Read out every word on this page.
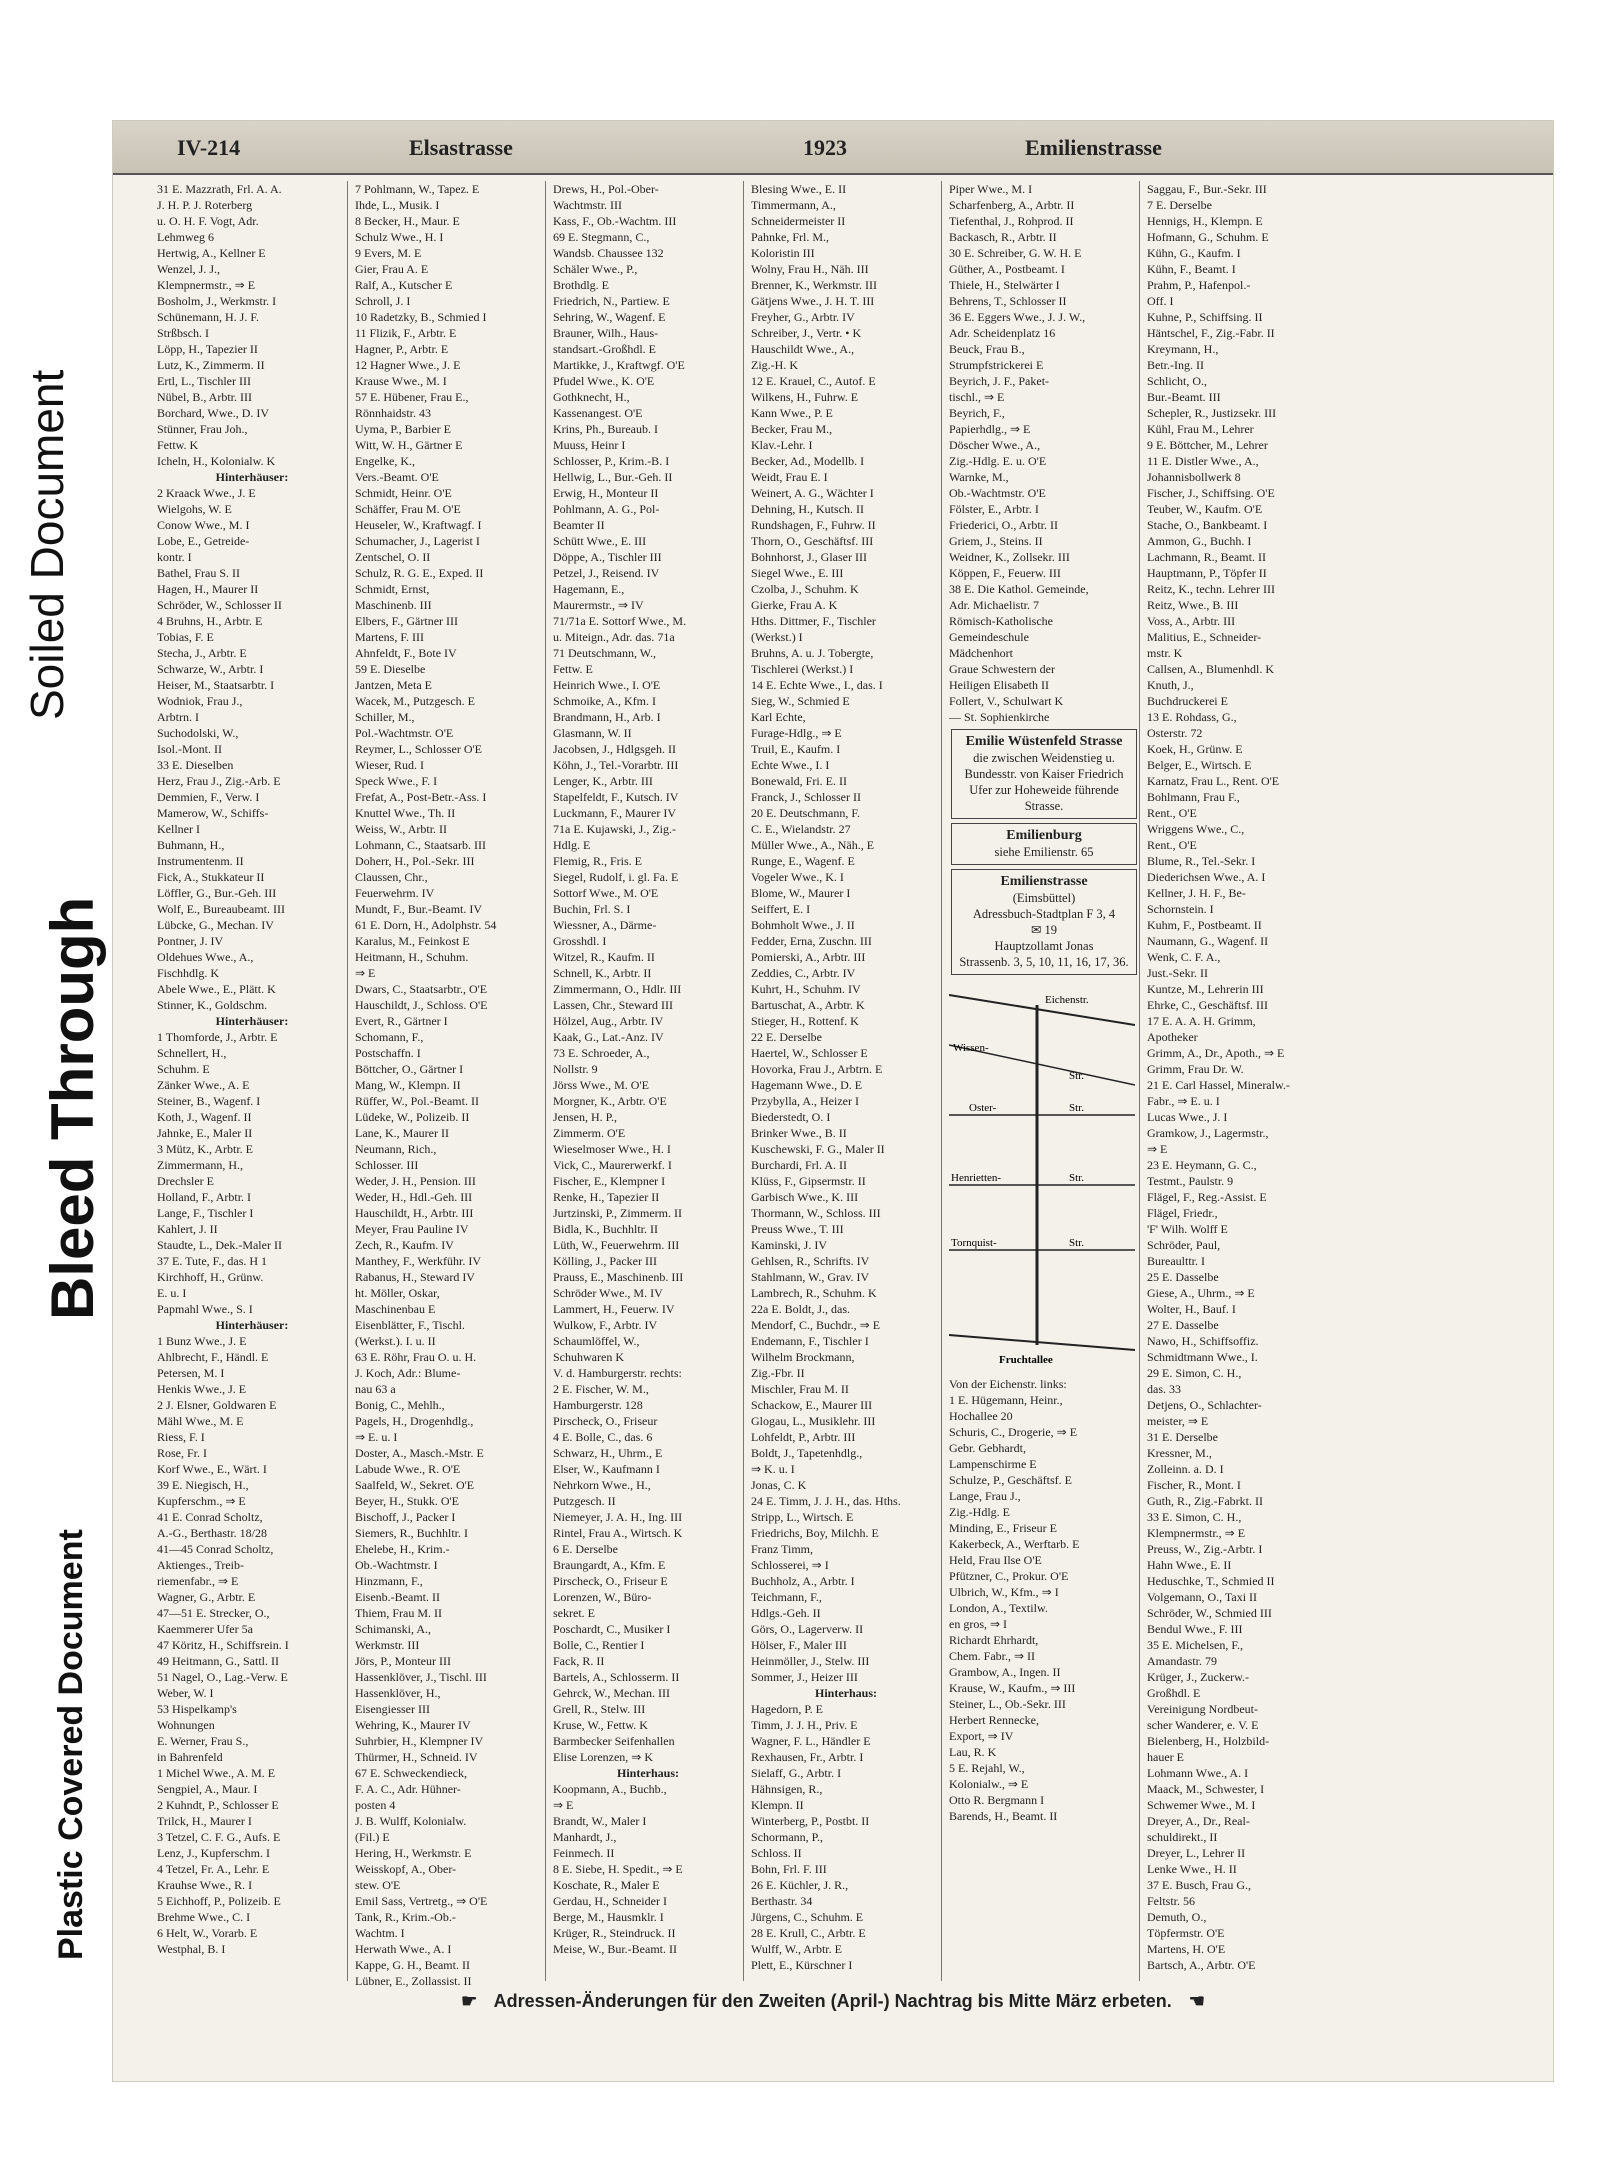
Soiled Document
Bleed Through
Plastic Covered Document
IV-214	Elsastrasse	1923	Emilienstrasse
31 E. Mazzrath, Frl. A. A.
J. H. P. J. Roterberg
u. O. H. F. Vogt, Adr.
Lehmweg 6
Hertwig, A., Kellner E
Wenzel, J. J.,
Klempnermstr., ⇒ E
Bosholm, J., Werkmstr. I
Schünemann, H. J. F.
Strßbsch. I
Löpp, H., Tapezier II
Lutz, K., Zimmerm. II
Ertl, L., Tischler III
Nübel, B., Arbtr. III
Borchard, Wwe., D. IV
Stünner, Frau Joh.,
Fettw. K
Icheln, H., Kolonialw. K
Hinterhäuser:
2 Kraack Wwe., J. E
Wielgohs, W. E
Conow Wwe., M. I
Lobe, E., Getreide-
kontr. I
Bathel, Frau S. II
Hagen, H., Maurer II
Schröder, W., Schlosser II
4 Bruhns, H., Arbtr. E
Tobias, F. E
Stecha, J., Arbtr. E
Schwarze, W., Arbtr. I
Heiser, M., Staatsarbtr. I
Wodniok, Frau J.,
Arbtrn. I
Suchodolski, W.,
Isol.-Mont. II
33 E. Dieselben
Herz, Frau J., Zig.-Arb. E
Demmien, F., Verw. I
Mamerow, W., Schiffs-
Kellner I
Buhmann, H.,
Instrumentenm. II
Fick, A., Stukkateur II
Löffler, G., Bur.-Geh. III
Wolf, E., Bureaubeamt. III
Lübcke, G., Mechan. IV
Pontner, J. IV
Oldehues Wwe., A.,
Fischhdlg. K
Abele Wwe., E., Plätt. K
Stinner, K., Goldschm.
Hinterhäuser:
1 Thomforde, J., Arbtr. E
Schnellert, H.,
Schuhm. E
Zänker Wwe., A. E
Steiner, B., Wagenf. I
Koth, J., Wagenf. II
Jahnke, E., Maler II
3 Mütz, K., Arbtr. E
Zimmermann, H.,
Drechsler E
Holland, F., Arbtr. I
Lange, F., Tischler I
Kahlert, J. II
Staudte, L., Dek.-Maler II
37 E. Tute, F., das. H 1
Kirchhoff, H., Grünw.
E. u. I
Papmahl Wwe., S. I
Hinterhäuser:
1 Bunz Wwe., J. E
Ahlbrecht, F., Händl. E
Petersen, M. I
Henkis Wwe., J. E
2 J. Elsner, Goldwaren E
Mähl Wwe., M. E
Riess, F. I
Rose, Fr. I
Korf Wwe., E., Wärt. I
39 E. Niegisch, H.,
Kupferschm., ⇒ E
41 E. Conrad Scholtz,
A.-G., Berthastr. 18/28
41—45 Conrad Scholtz,
Aktienges., Treib-
riemenfabr., ⇒ E
Wagner, G., Arbtr. E
47—51 E. Strecker, O.,
Kaemmerer Ufer 5a
47 Köritz, H., Schiffsrein. I
49 Heitmann, G., Sattl. II
51 Nagel, O., Lag.-Verw. E
Weber, W. I
53 Hispelkamp's
Wohnungen
E. Werner, Frau S.,
in Bahrenfeld
1 Michel Wwe., A. M. E
Sengpiel, A., Maur. I
2 Kuhndt, P., Schlosser E
Trilck, H., Maurer I
3 Tetzel, C. F. G., Aufs. E
Lenz, J., Kupferschm. I
4 Tetzel, Fr. A., Lehr. E
Krauhse Wwe., R. I
5 Eichhoff, P., Polizeib. E
Brehme Wwe., C. I
6 Helt, W., Vorarb. E
Westphal, B. I
7 Pohlmann, W., Tapez. E
Ihde, L., Musik. I
8 Becker, H., Maur. E
Schulz Wwe., H. I
9 Evers, M. E
Gier, Frau A. E
Ralf, A., Kutscher E
Schroll, J. I
10 Radetzky, B., Schmied I
11 Flizik, F., Arbtr. E
Hagner, P., Arbtr. E
12 Hagner Wwe., J. E
Krause Wwe., M. I
57 E. Hübener, Frau E.,
Rönnhaidstr. 43
Uyma, P., Barbier E
Witt, W. H., Gärtner E
Engelke, K.,
Vers.-Beamt. O'E
Schmidt, Heinr. O'E
Schäffer, Frau M. O'E
Heuseler, W., Kraftwagf. I
Schumacher, J., Lagerist I
Zentschel, O. II
Schulz, R. G. E., Exped. II
Schmidt, Ernst,
Maschinenb. III
Elbers, F., Gärtner III
Martens, F. III
Ahnfeldt, F., Bote IV
59 E. Dieselbe
Jantzen, Meta E
Wacek, M., Putzgesch. E
Schiller, M.,
Pol.-Wachtmstr. O'E
Reymer, L., Schlosser O'E
Wieser, Rud. I
Speck Wwe., F. I
Frefat, A., Post-Betr.-Ass. I
Knuttel Wwe., Th. II
Weiss, W., Arbtr. II
Lohmann, C., Staatsarb. III
Doherr, H., Pol.-Sekr. III
Claussen, Chr.,
Feuerwehrm. IV
Mundt, F., Bur.-Beamt. IV
61 E. Dorn, H., Adolphstr. 54
Karalus, M., Feinkost E
Heitmann, H., Schuhm.
⇒ E
Dwars, C., Staatsarbtr., O'E
Hauschildt, J., Schloss. O'E
Evert, R., Gärtner I
Schomann, F.,
Postschaffn. I
Böttcher, O., Gärtner I
Mang, W., Klempn. II
Rüffer, W., Pol.-Beamt. II
Lüdeke, W., Polizeib. II
Lane, K., Maurer II
Neumann, Rich.,
Schlosser. III
Weder, J. H., Pension. III
Weder, H., Hdl.-Geh. III
Hauschildt, H., Arbtr. III
Meyer, Frau Pauline IV
Zech, R., Kaufm. IV
Manthey, F., Werkführ. IV
Rabanus, H., Steward IV
ht. Möller, Oskar,
Maschinenbau E
Eisenblätter, F., Tischl.
(Werkst.). I. u. II
63 E. Röhr, Frau O. u. H.
J. Koch, Adr.: Blume-
nau 63 a
Bonig, C., Mehlh.,
Pagels, H., Drogenhdlg.,
⇒ E. u. I
Doster, A., Masch.-Mstr. E
Labude Wwe., R. O'E
Saalfeld, W., Sekret. O'E
Beyer, H., Stukk. O'E
Bischoff, J., Packer I
Siemers, R., Buchhltr. I
Ehelebe, H., Krim.-
Ob.-Wachtmstr. I
Hinzmann, F.,
Eisenb.-Beamt. II
Thiem, Frau M. II
Schimanski, A.,
Werkmstr. III
Jörs, P., Monteur III
Hassenklöver, J., Tischl. III
Hassenklöver, H.,
Eisengiesser III
Wehring, K., Maurer IV
Suhrbier, H., Klempner IV
Thürmer, H., Schneid. IV
67 E. Schweckendieck,
F. A. C., Adr. Hühner-
posten 4
J. B. Wulff, Kolonialw.
(Fil.) E
Hering, H., Werkmstr. E
Weisskopf, A., Ober-
stew. O'E
Emil Sass, Vertretg., ⇒ O'E
Tank, R., Krim.-Ob.-
Wachtm. I
Herwath Wwe., A. I
Kappe, G. H., Beamt. II
Lübner, E., Zollassist. II
Drews, H., Pol.-Ober-
Wachtmstr. III
Kass, F., Ob.-Wachtm. III
69 E. Stegmann, C.,
Wandsb. Chaussee 132
Schäler Wwe., P.,
Brothdlg. E
Friedrich, N., Partiew. E
Sehring, W., Wagenf. E
Brauner, Wilh., Haus-
standsart.-Großhdl. E
Martikke, J., Kraftwgf. O'E
Pfudel Wwe., K. O'E
Gothknecht, H.,
Kassenangest. O'E
Krins, Ph., Bureaub. I
Muuss, Heinr I
Schlosser, P., Krim.-B. I
Hellwig, L., Bur.-Geh. II
Erwig, H., Monteur II
Pohlmann, A. G., Pol-
Beamter II
Schütt Wwe., E. III
Döppe, A., Tischler III
Petzel, J., Reisend. IV
Hagemann, E.,
Maurermstr., ⇒ IV
71/71a E. Sottorf Wwe., M.
u. Miteign., Adr. das. 71a
71 Deutschmann, W.,
Fettw. E
Heinrich Wwe., I. O'E
Schmoike, A., Kfm. I
Brandmann, H., Arb. I
Glasmann, W. II
Jacobsen, J., Hdlgsgeh. II
Köhn, J., Tel.-Vorarbtr. III
Lenger, K., Arbtr. III
Stapelfeldt, F., Kutsch. IV
Luckmann, F., Maurer IV
71a E. Kujawski, J., Zig.-
Hdlg. E
Flemig, R., Fris. E
Siegel, Rudolf, i. gl. Fa. E
Sottorf Wwe., M. O'E
Buchin, Frl. S. I
Wiessner, A., Därme-
Grosshdl. I
Witzel, R., Kaufm. II
Schnell, K., Arbtr. II
Zimmermann, O., Hdlr. III
Lassen, Chr., Steward III
Hölzel, Aug., Arbtr. IV
Kaak, G., Lat.-Anz. IV
73 E. Schroeder, A.,
Nollstr. 9
Jörss Wwe., M. O'E
Morgner, K., Arbtr. O'E
Jensen, H. P.,
Zimmerm. O'E
Wieselmoser Wwe., H. I
Vick, C., Maurerwerkf. I
Fischer, E., Klempner I
Renke, H., Tapezier II
Jurtzinski, P., Zimmerm. II
Bidla, K., Buchhltr. II
Lüth, W., Feuerwehrm. III
Kölling, J., Packer III
Prauss, E., Maschinenb. III
Schröder Wwe., M. IV
Lammert, H., Feuerw. IV
Wulkow, F., Arbtr. IV
Schaumlöffel, W.,
Schuhwaren K
V. d. Hamburgerstr. rechts:
2 E. Fischer, W. M.,
Hamburgerstr. 128
Pirscheck, O., Friseur
4 E. Bolle, C., das. 6
Schwarz, H., Uhrm., E
Elser, W., Kaufmann I
Nehrkorn Wwe., H.,
Putzgesch. II
Niemeyer, J. A. H., Ing. III
Rintel, Frau A., Wirtsch. K
6 E. Derselbe
Braungardt, A., Kfm. E
Pirscheck, O., Friseur E
Lorenzen, W., Büro-
sekret. E
Poschardt, C., Musiker I
Bolle, C., Rentier I
Fack, R. II
Bartels, A., Schlosserm. II
Gehrck, W., Mechan. III
Grell, R., Stelw. III
Kruse, W., Fettw. K
Barmbecker Seifenhallen
Elise Lorenzen, ⇒ K
Hinterhaus:
Koopmann, A., Buchb.,
⇒ E
Brandt, W., Maler I
Manhardt, J.,
Feinmech. II
8 E. Siebe, H. Spedit., ⇒ E
Koschate, R., Maler E
Gerdau, H., Schneider I
Berge, M., Hausmklr. I
Krüger, R., Steindruck. II
Meise, W., Bur.-Beamt. II
Blesing Wwe., E. II
Timmermann, A.,
Schneidermeister II
Pahnke, Frl. M.,
Koloristin III
Wolny, Frau H., Näh. III
Brenner, K., Werkmstr. III
Gätjens Wwe., J. H. T. III
Freyher, G., Arbtr. IV
Schreiber, J., Vertr. • K
Hauschildt Wwe., A.,
Zig.-H. K
12 E. Krauel, C., Autof. E
Wilkens, H., Fuhrw. E
Kann Wwe., P. E
Becker, Frau M.,
Klav.-Lehr. I
Becker, Ad., Modellb. I
Weidt, Frau E. I
Weinert, A. G., Wächter I
Dehning, H., Kutsch. II
Rundshagen, F., Fuhrw. II
Thorn, O., Geschäftsf. III
Bohnhorst, J., Glaser III
Siegel Wwe., E. III
Czolba, J., Schuhm. K
Gierke, Frau A. K
Hths. Dittmer, F., Tischler
(Werkst.) I
Bruhns, A. u. J. Tobergte,
Tischlerei (Werkst.) I
14 E. Echte Wwe., I., das. I
Sieg, W., Schmied E
Karl Echte,
Furage-Hdlg., ⇒ E
Truil, E., Kaufm. I
Echte Wwe., I. I
Bonewald, Fri. E. II
Franck, J., Schlosser II
20 E. Deutschmann, F.
C. E., Wielandstr. 27
Müller Wwe., A., Näh., E
Runge, E., Wagenf. E
Vogeler Wwe., K. I
Blome, W., Maurer I
Seiffert, E. I
Bohmholt Wwe., J. II
Fedder, Erna, Zuschn. III
Pomierski, A., Arbtr. III
Zeddies, C., Arbtr. IV
Kuhrt, H., Schuhm. IV
Bartuschat, A., Arbtr. K
Stieger, H., Rottenf. K
22 E. Derselbe
Haertel, W., Schlosser E
Hovorka, Frau J., Arbtrn. E
Hagemann Wwe., D. E
Przybylla, A., Heizer I
Biederstedt, O. I
Brinker Wwe., B. II
Kuschewski, F. G., Maler II
Burchardi, Frl. A. II
Klüss, F., Gipsermstr. II
Garbisch Wwe., K. III
Thormann, W., Schloss. III
Preuss Wwe., T. III
Kaminski, J. IV
Gehlsen, R., Schrifts. IV
Stahlmann, W., Grav. IV
Lambrech, R., Schuhm. K
22a E. Boldt, J., das.
Mendorf, C., Buchdr., ⇒ E
Endemann, F., Tischler I
Wilhelm Brockmann,
Zig.-Fbr. II
Mischler, Frau M. II
Schackow, E., Maurer III
Glogau, L., Musiklehr. III
Lohfeldt, P., Arbtr. III
Boldt, J., Tapetenhdlg.,
⇒ K. u. I
Jonas, C. K
24 E. Timm, J. J. H., das. Hths.
Stripp, L., Wirtsch. E
Friedrichs, Boy, Milchh. E
Franz Timm,
Schlosserei, ⇒ I
Buchholz, A., Arbtr. I
Teichmann, F.,
Hdlgs.-Geh. II
Görs, O., Lagerverw. II
Hölser, F., Maler III
Heinmöller, J., Stelw. III
Sommer, J., Heizer III
Hinterhaus:
Hagedorn, P. E
Timm, J. J. H., Priv. E
Wagner, F. L., Händler E
Rexhausen, Fr., Arbtr. I
Sielaff, G., Arbtr. I
Hähnsigen, R.,
Klempn. II
Winterberg, P., Postbt. II
Schormann, P.,
Schloss. II
Bohn, Frl. F. III
26 E. Küchler, J. R.,
Berthastr. 34
Jürgens, C., Schuhm. E
28 E. Krull, C., Arbtr. E
Wulff, W., Arbtr. E
Plett, E., Kürschner I
Piper Wwe., M. I
Scharfenberg, A., Arbtr. II
Tiefenthal, J., Rohprod. II
Backasch, R., Arbtr. II
30 E. Schreiber, G. W. H. E
Güther, A., Postbeamt. I
Thiele, H., Stelwärter I
Behrens, T., Schlosser II
36 E. Eggers Wwe., J. J. W.,
Adr. Scheidenplatz 16
Beuck, Frau B.,
Strumpfstrickerei E
Beyrich, J. F., Paket-
tischl., ⇒ E
Beyrich, F.,
Papierhdlg., ⇒ E
Döscher Wwe., A.,
Zig.-Hdlg. E. u. O'E
Warnke, M.,
Ob.-Wachtmstr. O'E
Fölster, E., Arbtr. I
Friederici, O., Arbtr. II
Griem, J., Steins. II
Weidner, K., Zollsekr. III
Köppen, F., Feuerw. III
38 E. Die Kathol. Gemeinde,
Adr. Michaelistr. 7
Römisch-Katholische
Gemeindeschule
Mädchenhort
Graue Schwestern der
Heiligen Elisabeth II
Follert, V., Schulwart K
— St. Sophienkirche
Emilie Wüstenfeld Strasse
die zwischen Weidenstieg u. Bundesstr. von Kaiser Friedrich Ufer zur Hoheweide führende Strasse.
Emilienburg
siehe Emilienstr. 65
Emilienstrasse
(Eimsbüttel)
Adressbuch-Stadtplan F 3, 4
✉ 19
Hauptzollamt Jonas
Strassenb. 3, 5, 10, 11, 16, 17, 36.
Eichenstr.
Wissen-
Str.
Oster-	Str.
Henrietten-	Str.
Tornquist-	Str.
Fruchtallee
Von der Eichenstr. links:
1 E. Hügemann, Heinr.,
Hochallee 20
Schuris, C., Drogerie, ⇒ E
Gebr. Gebhardt,
Lampenschirme E
Schulze, P., Geschäftsf. E
Lange, Frau J.,
Zig.-Hdlg. E
Minding, E., Friseur E
Kakerbeck, A., Werftarb. E
Held, Frau Ilse O'E
Pfützner, C., Prokur. O'E
Ulbrich, W., Kfm., ⇒ I
London, A., Textilw.
en gros, ⇒ I
Richardt Ehrhardt,
Chem. Fabr., ⇒ II
Grambow, A., Ingen. II
Krause, W., Kaufm., ⇒ III
Steiner, L., Ob.-Sekr. III
Herbert Rennecke,
Export, ⇒ IV
Lau, R. K
5 E. Rejahl, W.,
Kolonialw., ⇒ E
Otto R. Bergmann I
Barends, H., Beamt. II
Saggau, F., Bur.-Sekr. III
7 E. Derselbe
Hennigs, H., Klempn. E
Hofmann, G., Schuhm. E
Kühn, G., Kaufm. I
Kühn, F., Beamt. I
Prahm, P., Hafenpol.-
Off. I
Kuhne, P., Schiffsing. II
Häntschel, F., Zig.-Fabr. II
Kreymann, H.,
Betr.-Ing. II
Schlicht, O.,
Bur.-Beamt. III
Schepler, R., Justizsekr. III
Kühl, Frau M., Lehrer
9 E. Böttcher, M., Lehrer
11 E. Distler Wwe., A.,
Johannisbollwerk 8
Fischer, J., Schiffsing. O'E
Teuber, W., Kaufm. O'E
Stache, O., Bankbeamt. I
Ammon, G., Buchh. I
Lachmann, R., Beamt. II
Hauptmann, P., Töpfer II
Reitz, K., techn. Lehrer III
Reitz, Wwe., B. III
Voss, A., Arbtr. III
Malitius, E., Schneider-
mstr. K
Callsen, A., Blumenhdl. K
Knuth, J.,
Buchdruckerei E
13 E. Rohdass, G.,
Osterstr. 72
Koek, H., Grünw. E
Belger, E., Wirtsch. E
Karnatz, Frau L., Rent. O'E
Bohlmann, Frau F.,
Rent., O'E
Wriggens Wwe., C.,
Rent., O'E
Blume, R., Tel.-Sekr. I
Diederichsen Wwe., A. I
Kellner, J. H. F., Be-
Schornstein. I
Kuhm, F., Postbeamt. II
Naumann, G., Wagenf. II
Wenk, C. F. A.,
Just.-Sekr. II
Kuntze, M., Lehrerin III
Ehrke, C., Geschäftsf. III
17 E. A. A. H. Grimm,
Apotheker
Grimm, A., Dr., Apoth., ⇒ E
Grimm, Frau Dr. W.
21 E. Carl Hassel, Mineralw.-
Fabr., ⇒ E. u. I
Lucas Wwe., J. I
Gramkow, J., Lagermstr.,
⇒ E
23 E. Heymann, G. C.,
Testmt., Paulstr. 9
Flägel, F., Reg.-Assist. E
Flägel, Friedr.,
'F' Wilh. Wolff E
Schröder, Paul,
Bureaulttr. I
25 E. Dasselbe
Giese, A., Uhrm., ⇒ E
Wolter, H., Bauf. I
27 E. Dasselbe
Nawo, H., Schiffsoffiz.
Schmidtmann Wwe., I.
29 E. Simon, C. H.,
das. 33
Detjens, O., Schlachter-
meister, ⇒ E
31 E. Derselbe
Kressner, M.,
Zolleinn. a. D. I
Fischer, R., Mont. I
Guth, R., Zig.-Fabrkt. II
33 E. Simon, C. H.,
Klempnermstr., ⇒ E
Preuss, W., Zig.-Arbtr. I
Hahn Wwe., E. II
Heduschke, T., Schmied II
Volgemann, O., Taxi II
Schröder, W., Schmied III
Bendul Wwe., F. III
35 E. Michelsen, F.,
Amandastr. 79
Krüger, J., Zuckerw.-
Großhdl. E
Vereinigung Nordbeut-
scher Wanderer, e. V. E
Bielenberg, H., Holzbild-
hauer E
Lohmann Wwe., A. I
Maack, M., Schwester, I
Schwemer Wwe., M. I
Dreyer, A., Dr., Real-
schuldirekt., II
Dreyer, L., Lehrer II
Lenke Wwe., H. II
37 E. Busch, Frau G.,
Feltstr. 56
Demuth, O.,
Töpfermstr. O'E
Martens, H. O'E
Bartsch, A., Arbtr. O'E
☛ Adressen-Änderungen für den Zweiten (April-) Nachtrag bis Mitte März erbeten. ☚
